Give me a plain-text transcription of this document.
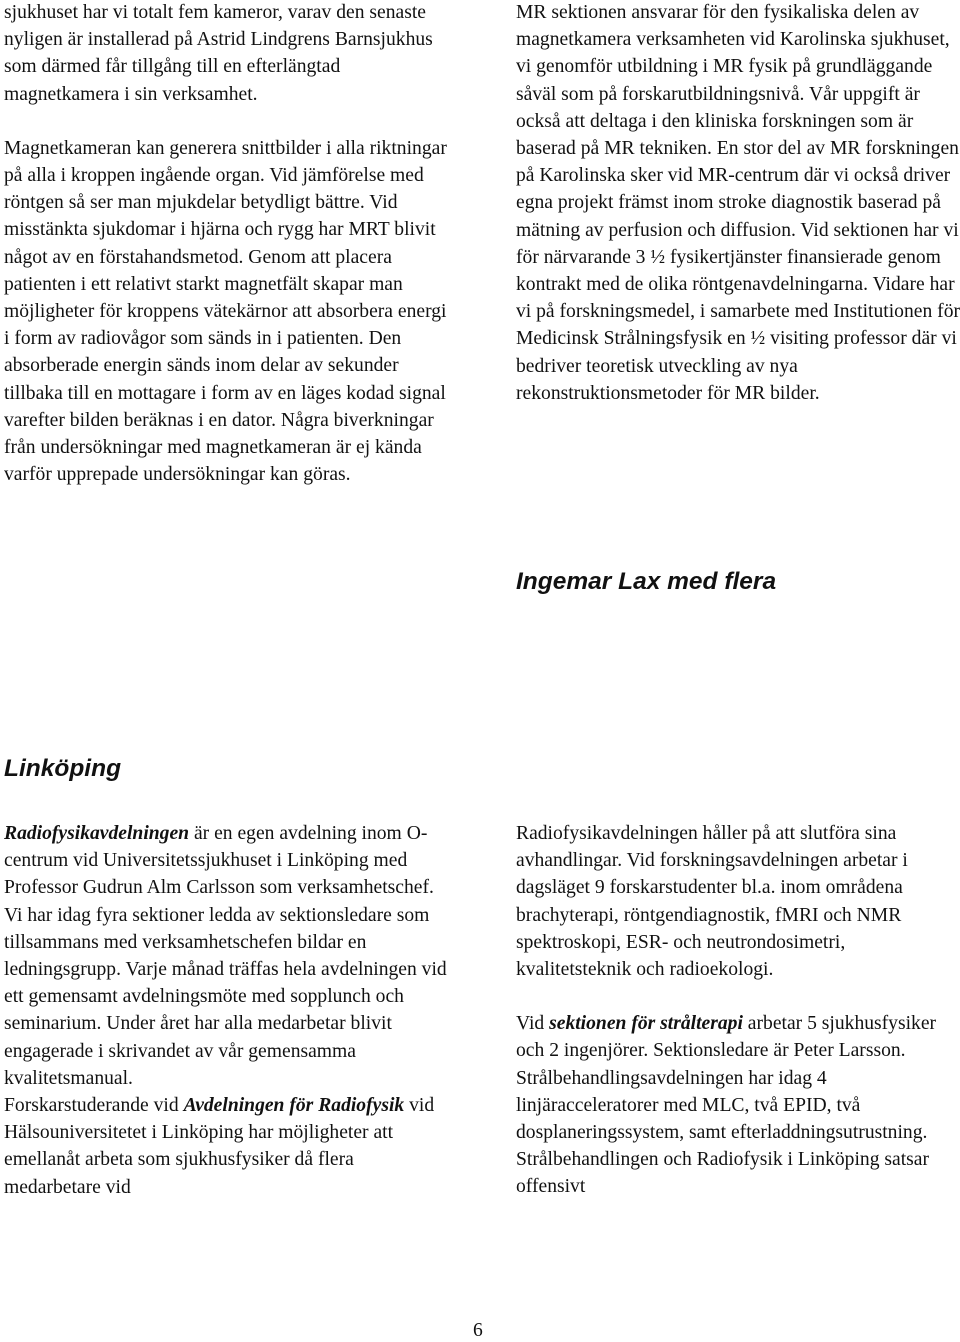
sjukhuset har vi totalt fem kameror, varav den senaste nyligen är installerad på Astrid Lindgrens Barnsjukhus som därmed får tillgång till en efterlängtad magnetkamera i sin verksamhet.

Magnetkameran kan generera snittbilder i alla riktningar på alla i kroppen ingående organ. Vid jämförelse med röntgen så ser man mjukdelar betydligt bättre. Vid misstänkta sjukdomar i hjärna och rygg har MRT blivit något av en förstahandsmetod. Genom att placera patienten i ett relativt starkt magnetfält skapar man möjligheter för kroppens vätekärnor att absorbera energi i form av radiovågor som sänds in i patienten. Den absorberade energin sänds inom delar av sekunder tillbaka till en mottagare i form av en läges kodad signal varefter bilden beräknas i en dator. Några biverkningar från undersökningar med magnetkameran är ej kända varför upprepade undersökningar kan göras.

MR sektionen ansvarar för den fysikaliska delen av magnetkamera verksamheten vid Karolinska sjukhuset, vi genomför utbildning i MR fysik på grundläggande såväl som på forskarutbildningsnivå. Vår uppgift är också att deltaga i den kliniska forskningen som är baserad på MR tekniken. En stor del av MR forskningen på Karolinska sker vid MR-centrum där vi också driver egna projekt främst inom stroke diagnostik baserad på mätning av perfusion och diffusion. Vid sektionen har vi för närvarande 3 ½ fysikertjänster finansierade genom kontrakt med de olika röntgenavdelningarna. Vidare har vi på forskningsmedel, i samarbete med Institutionen för Medicinsk Strålningsfysik en ½ visiting professor där vi bedriver teoretisk utveckling av nya rekonstruktionsmetoder för MR bilder.

Ingemar Lax med flera
Linköping

Radiofysikavdelningen är en egen avdelning inom O-centrum vid Universitetssjukhuset i Linköping med Professor Gudrun Alm Carlsson som verksamhetschef. Vi har idag fyra sektioner ledda av sektionsledare som tillsammans med verksamhetschefen bildar en ledningsgrupp. Varje månad träffas hela avdelningen vid ett gemensamt avdelningsmöte med sopplunch och seminarium. Under året har alla medarbetar blivit engagerade i skrivandet av vår gemensamma kvalitetsmanual.

Forskarstuderande vid Avdelningen för Radiofysik vid Hälsouniversitetet i Linköping har möjligheter att emellanåt arbeta som sjukhusfysiker då flera medarbetare vid

Radiofysikavdelningen håller på att slutföra sina avhandlingar. Vid forskningsavdelningen arbetar i dagsläget 9 forskarstudenter bl.a. inom områdena brachyterapi, röntgendiagnostik, fMRI och NMR spektroskopi, ESR- och neutrondosimetri, kvalitetsteknik och radioekologi.

Vid sektionen för strålterapi arbetar 5 sjukhusfysiker och 2 ingenjörer. Sektionsledare är Peter Larsson. Strålbehandlingsavdelningen har idag 4 linjäracceleratorer med MLC, två EPID, två dosplaneringssystem, samt efterladdningsutrustning. Strålbehandlingen och Radiofysik i Linköping satsar offensivt

6
